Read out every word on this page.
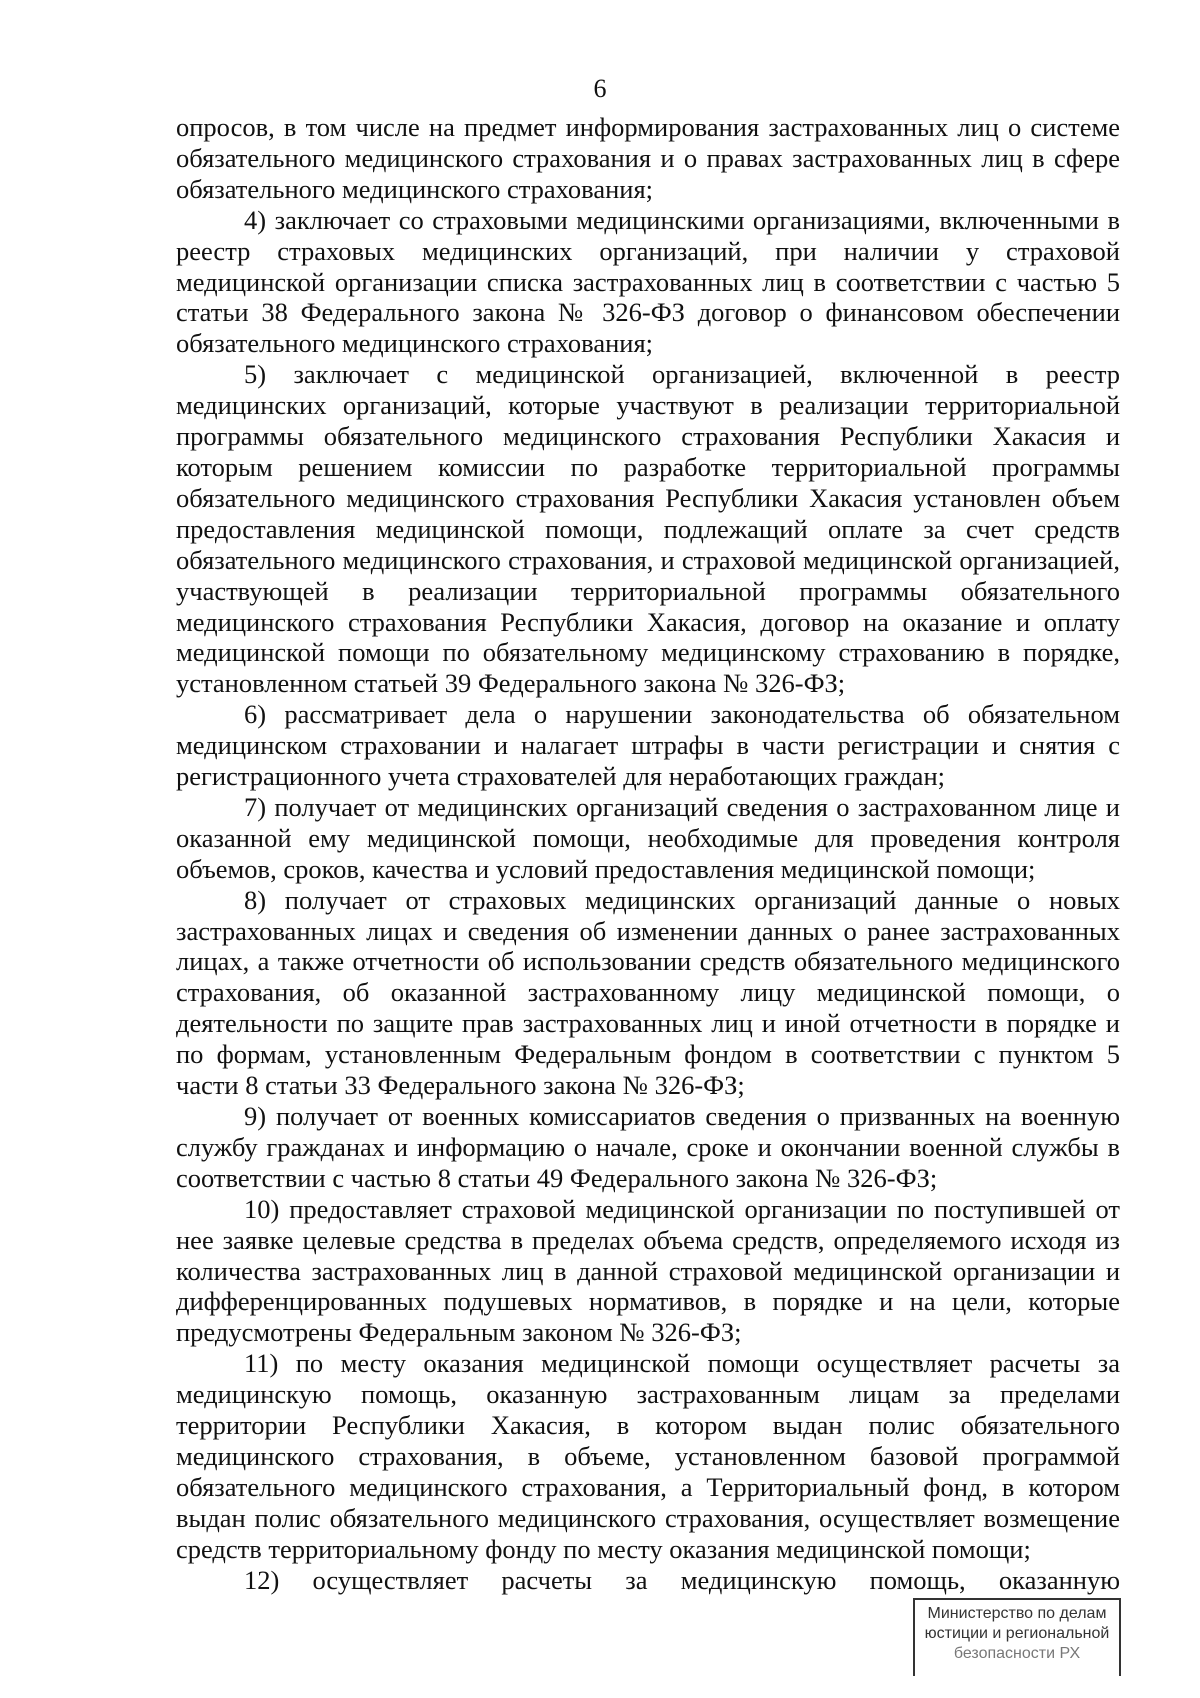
6

опросов, в том числе на предмет информирования застрахованных лиц о системе обязательного медицинского страхования и о правах застрахованных лиц в сфере обязательного медицинского страхования;

4) заключает со страховыми медицинскими организациями, включенными в реестр страховых медицинских организаций, при наличии у страховой медицинской организации списка застрахованных лиц в соответствии с частью 5 статьи 38 Федерального закона № 326-ФЗ договор о финансовом обеспечении обязательного медицинского страхования;

5) заключает с медицинской организацией, включенной в реестр медицинских организаций, которые участвуют в реализации территориальной программы обязательного медицинского страхования Республики Хакасия и которым решением комиссии по разработке территориальной программы обязательного медицинского страхования Республики Хакасия установлен объем предоставления медицинской помощи, подлежащий оплате за счет средств обязательного медицинского страхования, и страховой медицинской организацией, участвующей в реализации территориальной программы обязательного медицинского страхования Республики Хакасия, договор на оказание и оплату медицинской помощи по обязательному медицинскому страхованию в порядке, установленном статьей 39 Федерального закона № 326-ФЗ;

6) рассматривает дела о нарушении законодательства об обязательном медицинском страховании и налагает штрафы в части регистрации и снятия с регистрационного учета страхователей для неработающих граждан;

7) получает от медицинских организаций сведения о застрахованном лице и оказанной ему медицинской помощи, необходимые для проведения контроля объемов, сроков, качества и условий предоставления медицинской помощи;

8) получает от страховых медицинских организаций данные о новых застрахованных лицах и сведения об изменении данных о ранее застрахованных лицах, а также отчетности об использовании средств обязательного медицинского страхования, об оказанной застрахованному лицу медицинской помощи, о деятельности по защите прав застрахованных лиц и иной отчетности в порядке и по формам, установленным Федеральным фондом в соответствии с пунктом 5 части 8 статьи 33 Федерального закона № 326-ФЗ;

9) получает от военных комиссариатов сведения о призванных на военную службу гражданах и информацию о начале, сроке и окончании военной службы в соответствии с частью 8 статьи 49 Федерального закона № 326-ФЗ;

10) предоставляет страховой медицинской организации по поступившей от нее заявке целевые средства в пределах объема средств, определяемого исходя из количества застрахованных лиц в данной страховой медицинской организации и дифференцированных подушевых нормативов, в порядке и на цели, которые предусмотрены Федеральным законом № 326-ФЗ;

11) по месту оказания медицинской помощи осуществляет расчеты за медицинскую помощь, оказанную застрахованным лицам за пределами территории Республики Хакасия, в котором выдан полис обязательного медицинского страхования, в объеме, установленном базовой программой обязательного медицинского страхования, а Территориальный фонд, в котором выдан полис обязательного медицинского страхования, осуществляет возмещение средств территориальному фонду по месту оказания медицинской помощи;

12) осуществляет расчеты за медицинскую помощь, оказанную

Министерство по делам
юстиции и региональной
безопасности РХ
